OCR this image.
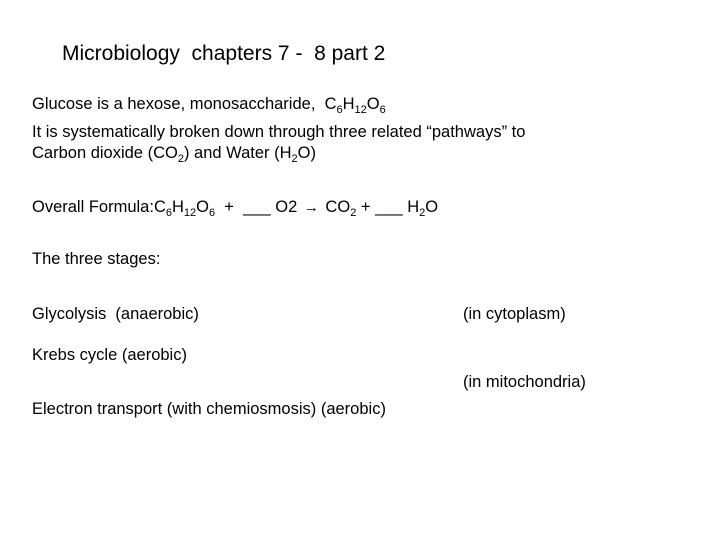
Microbiology  chapters 7 -  8 part 2
Glucose is a hexose, monosaccharide,  $C_6H_{12}O_6$
It is systematically broken down through three related “pathways” to
Carbon dioxide $(CO_2)$ and Water $(H_2O)$
Overall $Formula:C_6H_{12}O_6$  +  ___ $O2 \to CO_2$ + ___ $H_2O$
The three stages:
Glycolysis  (anaerobic)	(in cytoplasm)
Krebs cycle (aerobic)
(in mitochondria)
Electron transport (with chemiosmosis) (aerobic)
